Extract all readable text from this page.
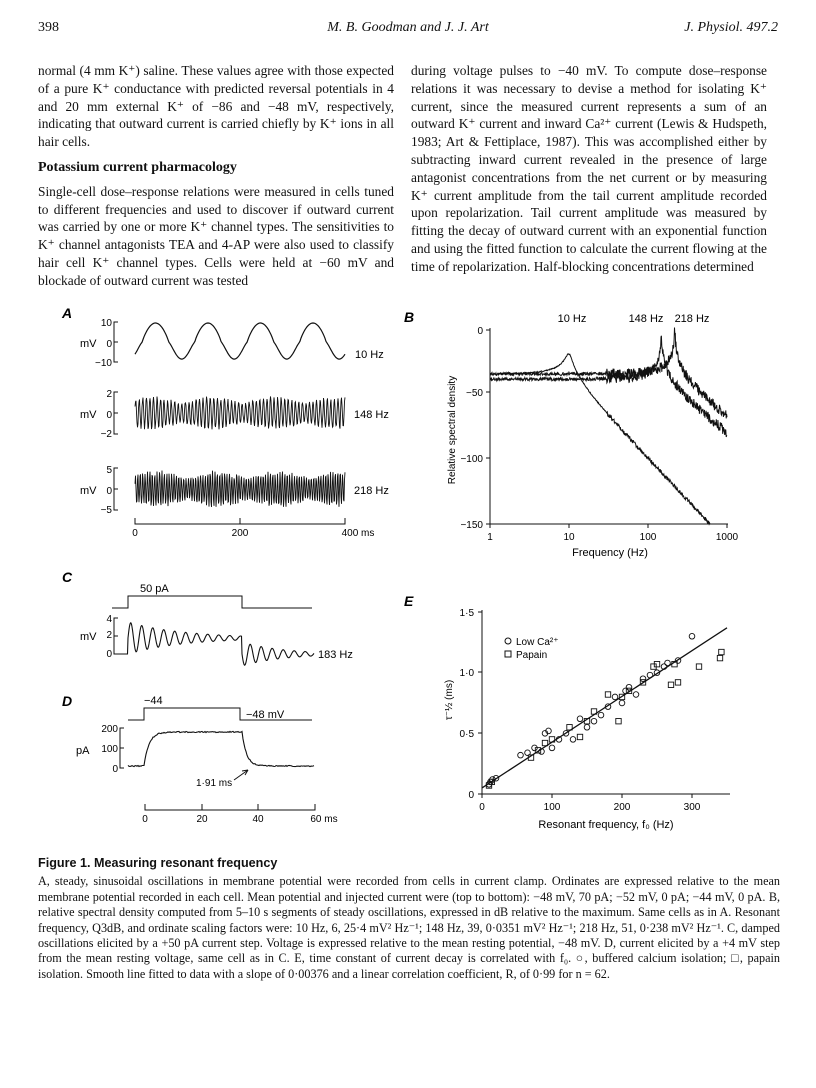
398	M. B. Goodman and J. J. Art	J. Physiol. 497.2

normal (4 mm K⁺) saline. These values agree with those expected of a pure K⁺ conductance with predicted reversal potentials in 4 and 20 mm external K⁺ of −86 and −48 mV, respectively, indicating that outward current is carried chiefly by K⁺ ions in all hair cells.

Potassium current pharmacology

Single-cell dose–response relations were measured in cells tuned to different frequencies and used to discover if outward current was carried by one or more K⁺ channel types. The sensitivities to K⁺ channel antagonists TEA and 4-AP were also used to classify hair cell K⁺ channel types. Cells were held at −60 mV and blockade of outward current was tested

during voltage pulses to −40 mV. To compute dose–response relations it was necessary to devise a method for isolating K⁺ current, since the measured current represents a sum of an outward K⁺ current and inward Ca²⁺ current (Lewis & Hudspeth, 1983; Art & Fettiplace, 1987). This was accomplished either by subtracting inward current revealed in the presence of large antagonist concentrations from the net current or by measuring K⁺ current amplitude from the tail current amplitude recorded upon repolarization. Tail current amplitude was measured by fitting the decay of outward current with an exponential function and using the fitted function to calculate the current flowing at the time of repolarization. Half-blocking concentrations determined

A
mV
10
0
−10
10 Hz
mV
2
0
−2
148 Hz
mV
5
0
−5
218 Hz
0	200	400 ms
B
0
−50
−100
−150
1	10	100	1000
Frequency (Hz)
Relative spectral density
10 Hz	148 Hz 218 Hz
C
50 pA
mV
4
2
0	183 Hz
D	−44
−48 mV
pA
200
100
0
1·91 ms
0	20	40	60 ms
E
1·5
1·0
0·5
0
0	100	200	300
Resonant frequency, f₀ (Hz)
τ⁻½ (ms)
Low Ca²⁺
Papain
Figure 1. Measuring resonant frequency
A, steady, sinusoidal oscillations in membrane potential were recorded from cells in current clamp. Ordinates are expressed relative to the mean membrane potential recorded in each cell. Mean potential and injected current were (top to bottom): −48 mV, 70 pA; −52 mV, 0 pA; −44 mV, 0 pA. B, relative spectral density computed from 5–10 s segments of steady oscillations, expressed in dB relative to the maximum. Same cells as in A. Resonant frequency, Q3dB, and ordinate scaling factors were: 10 Hz, 6, 25·4 mV² Hz⁻¹; 148 Hz, 39, 0·0351 mV² Hz⁻¹; 218 Hz, 51, 0·238 mV² Hz⁻¹. C, damped oscillations elicited by a +50 pA current step. Voltage is expressed relative to the mean resting potential, −48 mV. D, current elicited by a +4 mV step from the mean resting voltage, same cell as in C. E, time constant of current decay is correlated with f₀. ○, buffered calcium isolation; □, papain isolation. Smooth line fitted to data with a slope of 0·00376 and a linear correlation coefficient, R, of 0·99 for n = 62.
